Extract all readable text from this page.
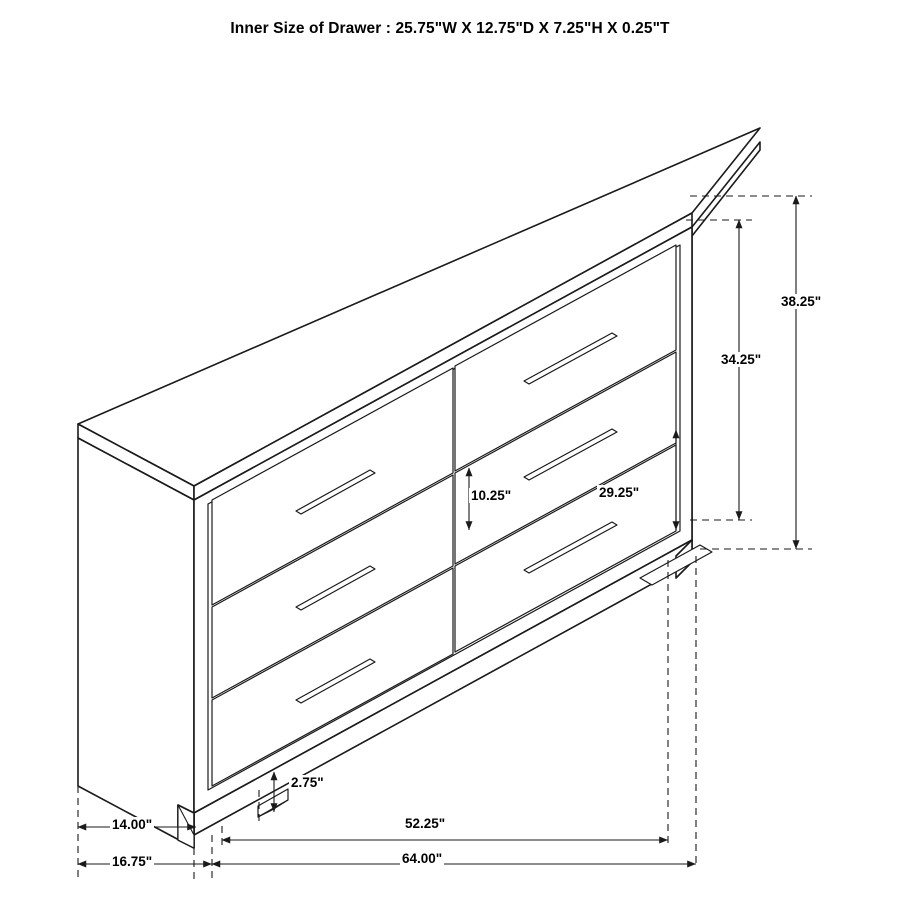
Inner Size of Drawer : 25.75"W X 12.75"D X 7.25"H X 0.25"T
38.25"
34.25"
10.25"	29.25"
2.75"
14.00"
16.75"
52.25"
64.00"
